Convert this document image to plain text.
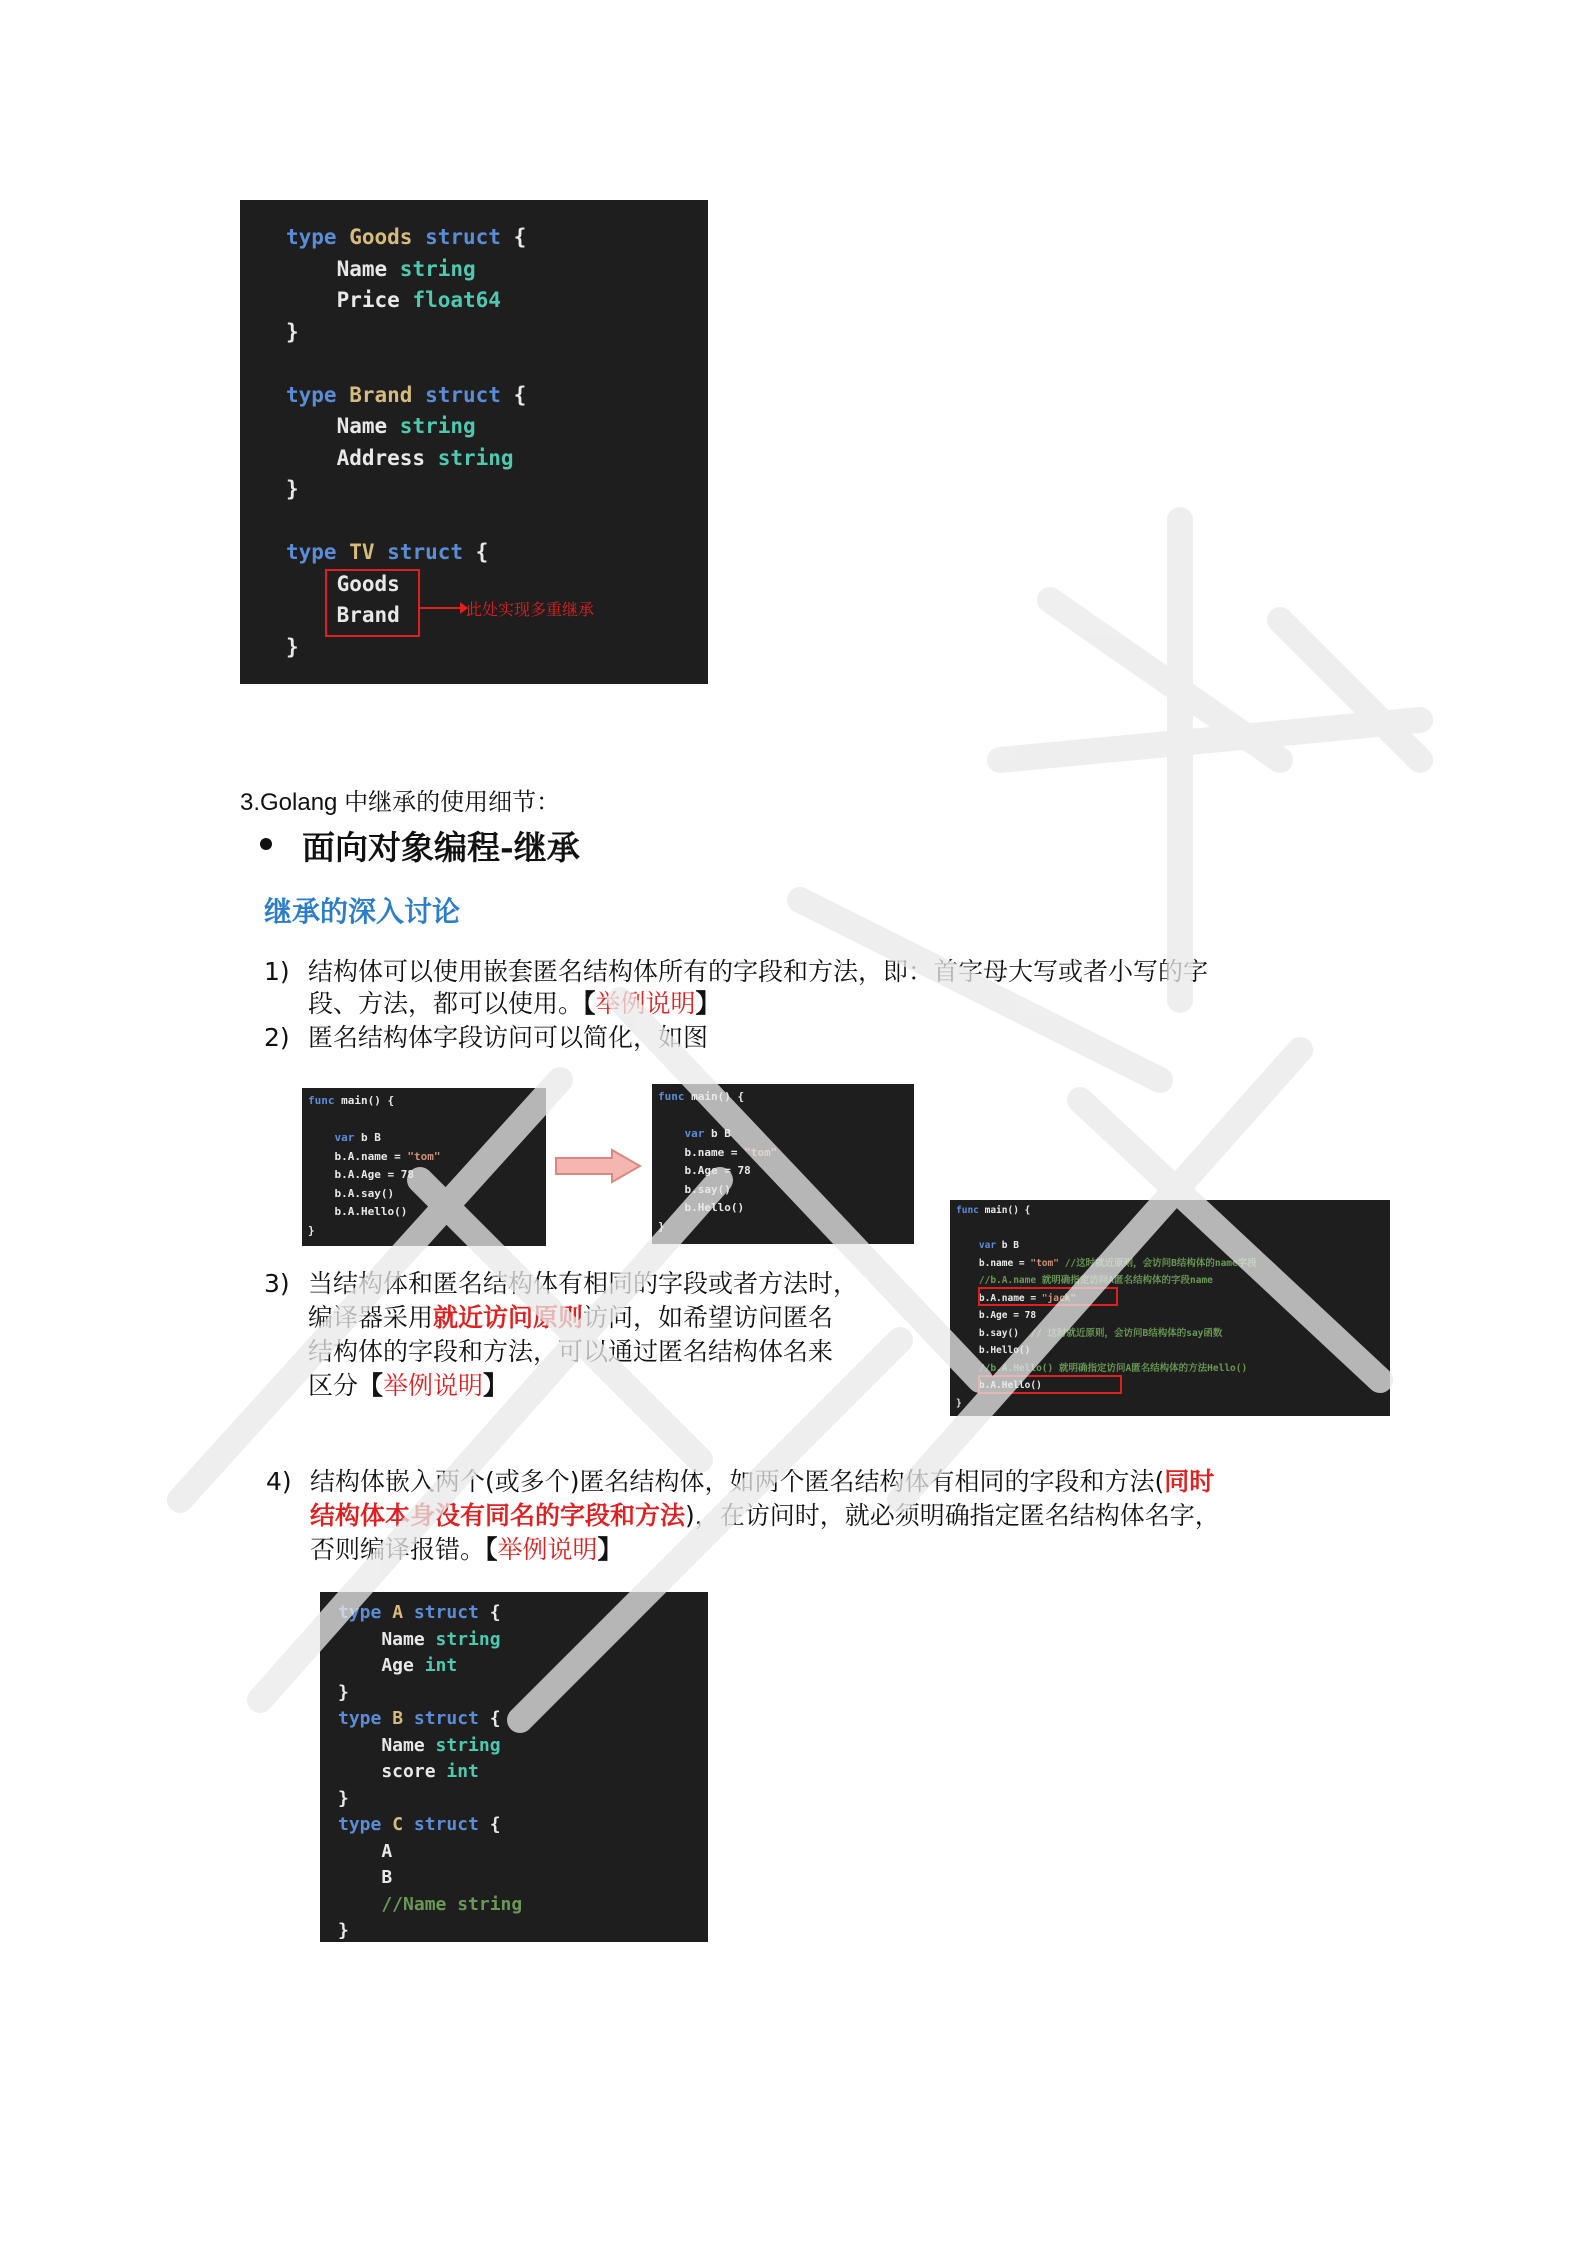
type Goods struct {
Name string
Price float64
}

type Brand struct {
Name string
Address string
}

type TV struct {
Goods
Brand
}
此处实现多重继承
3.Golang 中继承的使用细节：
面向对象编程-继承
继承的深入讨论
1) 结构体可以使用嵌套匿名结构体所有的字段和方法，即：首字母大写或者小写的字
段、方法，都可以使用。【举例说明】
2) 匿名结构体字段访问可以简化，如图
3) 当结构体和匿名结构体有相同的字段或者方法时，
编译器采用就近访问原则访问，如希望访问匿名
结构体的字段和方法，可以通过匿名结构体名来
区分【举例说明】
func main() {

var b B
b.A.name = "tom"
b.A.Age = 78
b.A.say()
b.A.Hello()
}
func main() {

var b B
b.name = "tom"
b.Age = 78
b.say()
b.Hello()
}
func main() {

var b B
b.name = "tom" //这时就近原则，会访问B结构体的name字段
//b.A.name 就明确指定访问A匿名结构体的字段name
b.A.name = "jack"
b.Age = 78
b.say()  // 这时就近原则，会访问B结构体的say函数
b.Hello()
//b.A.Hello() 就明确指定访问A匿名结构体的方法Hello()
b.A.Hello()
}
4) 结构体嵌入两个(或多个)匿名结构体，如两个匿名结构体有相同的字段和方法(同时
结构体本身没有同名的字段和方法)，在访问时，就必须明确指定匿名结构体名字，
否则编译报错。【举例说明】
type A struct {
Name string
Age int
}
type B struct {
Name string
score int
}
type C struct {
A
B
//Name string
}
